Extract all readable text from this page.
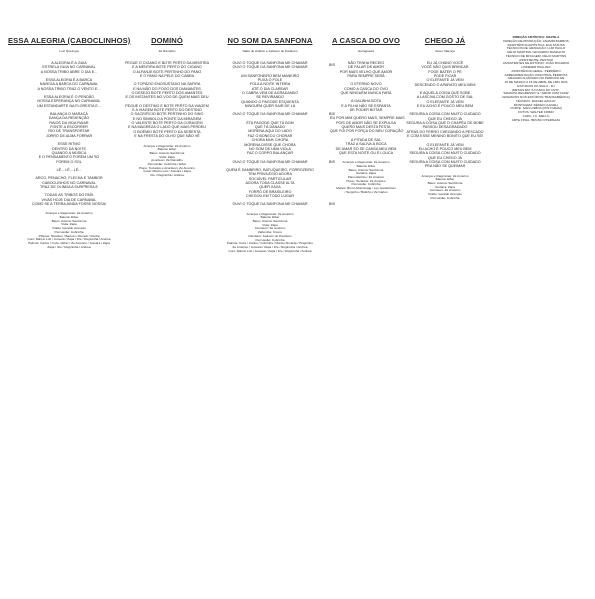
ESSA ALEGRIA (CABOCLINHOS)
Luiz Queiroga
A ALEGRIA É A GUIA
ESTRELA GUIA NO CARNAVAL
A NOSSA TRIBO ABRE O DIA E...
ESSA ALEGRIA É A BARCA
NAVEGA A BARCA DO CARNAVAL
A NOSSA TRIBO TRAZ O VENTO E...
ESSA ALEGRIA É O PENDÃO
NOSSA ESPERANÇA NO CARNAVAL
UM ESTANDARTE NA FLORESTA E...
BALANÇA O MARACÁ
DANÇA DA REDENÇÃO
RAIOS DA VIDA RAIAR
FONTE A ESCORRER
RIO DE TRANSPORTAR
JORRO DE ALMA FORRAR
ESSE RITMO
DENTRO DA NOITE
QUANDO A MÚSICA
E O PENSAMENTO FOREM UM SÓ
FOREM O SOL
LÊ... LÊ... LÊ...
ARCO, PENACHO, FLECHA E TAMBOR
CABOCLINHOS NO CARNAVAL
TRAZ DE OLINDA A SURPRESA E
TODAS AS TRIBOS DO PAÍS
VIVAS HOJE DIA DE CARNAVAL
COMO SE A TERRA AINDA FOSSE NOSSA!
Arranjos e Regências: Zé Américo
Bateria: Elber
Baixo: Antonio Sant'Anna
Viola: Zapa
Violão: Geraldo Azevedo
Percussão: Cobrinha
Pífanos: Hamilton / Barreto / Rozedi / Rocha
Coro: Márcio Lott / Jussara / Zapa / Ilze / Regininha / Andrea
Palmas: Carlos / Cuzé / Elber / Zé Américo / Jussara / Zapa
Zapa / Ilze / Regininha / Andrea
DOMINÓ
Zé Ramalho
PEGUE O CIGANO E BOTE PERTO DA MENTIRA
E A MENTIRA BOTE PERTO DO CIGANO
O ALFANJE BOTE PERTINHO DO PANO
E O PANO NA PELE DO CABRA
O TOPÁZIO ENCRUSTADO NA SAFIRA
E NA MÃO DO FOGO DOS DIAMANTES
O DESEJO BOTE PERTO DOS AMANTES
E OS INSTANTES NO VOO DE QUEM MAIS DEU
PEGUE O DESTINO E BOTE PERTO DA VIAGEM
E A VIAGEM BOTE PERTO DO DESTINO
O SACRIFÍCIO BOTE PERTINHO DO SINO
E NO SÍMBOLO A PONTE DA MIRAGEM
O VALENTE BOTE PERTO DA CORAGEM
E NA MAGREZA O LADO QUE MAIS PERDEU
O BOÊMIO BOTE PERTO DA SERESTA
E NA FRESTA DO OLHO QUE NÃO VÊ
Arranjos e Regências: Zé Américo
Bateria: Elber
Baixo: Antonio Sant'Anna
Viola: Zapa
Acordeon: Zé Ramalho
Percussão: Cobrinha / Elber
Piano, Teclados e Acordeon: Zé Américo
Vocal: Márcio Lott / Jussara / Zapa
Ilze / Regininha / Andrea
NO SOM DA SANFONA
Nabé do Acáfico e Jackson do Pandeiro
OUVI O TOQUE DA SANFONA ME CHAMAR
OUVI O TOQUE DA SANFONA ME CHAMAR
BIS
UM SANFONEIRO BEM MANEIRO
PUXA O FOLE
FOLA A NOITE INTEIRA
ATÉ O DIA CLAREAR
O CABRA VEM DE AGRADANDO
SE REVIRANDO
QUANDO O PAGODE ESQUENTA
NINGUÉM QUER SAIR DE LÁ
OUVI O TOQUE DA SANFONA ME CHAMAR	BIS
ÉTA PAGODE QUE TÁ BOM
QUE TÁ DANADO
MORENA AQUI DO LADO
FAZ O BONECO CHORAR
CHORA MUK CHORA
MORENA DISSE QUE CHORA
NO SOM DE UMA VIOLA
FAZ O CORPO BALANÇAR
OUVI O TOQUE DA SANFONA ME CHAMAR	BIS
QUEM É SAMBEIRO, BATUQUEIRO, FORROZEIRO
TEM PRIVILÉGIO AGORA
SOCIÁVEL PARTICULAR
AGORA TODA CLASSE ALTA
QUER XAXA
FORRÓ DE BRASILEIRO
CHEGOU EM TODO LUGAR
OUVI O TOQUE DA SANFONA ME CHAMAR	BIS
Arranjos e Regências: Zé Américo
Bateria: Elber
Baixo: Antonio Sant'Anna
Viola: Zapa
Acordeon: Zé Américo
Zabumba: Cícero
Pandeiro: Jackson do Pandeiro
Percussão: Cobrinha
Palmas: Cuzé / Carlos / Cobrinha / Márcio Almeida / Pinguinho
Zé Américo / Jussara / Zapa / Ilze / Regininha / Andrea
Coro: Márcio Lott / Jussara / Zapa / Ilze / Regininha / Andrea
A CASCA DO OVO
Guriagueira
NÃO TENHA RECEIO
DE FALAR DE AMOR
POR MAIS VELHO QUE AMOR
PARA SEMPRE SERÁ
O ETERNO NOVO
COMO A CASCA DO OVO
QUE NINGUÉM NUNCA FARÁ
A GALINHA BOTA
E A FILHA NÃO SE ESPANTA
DE PODER BOTAR
EU POR MIM QUERO MAIS, SEMPRE MAIS
POIS DE AMOR NÃO SE EXPULSA
QUERO MAIS DESTA FESTA
QUE FOI POR FORÇA DO MEU CORAÇÃO
A PITADA DE SAL
TRAZ A SALIVA À BOCA
DE AMAR SÓ SE CANSA MEU BEM
QUE ESTA NOITE OU É LOUCA
Arranjos e Regências: Zé Américo
Bateria: Elber
Baixo: Antonio Sant'Anna
Guitarra: Zapa
Piano Elétrico: Zé Américo
Piano, Teclados: Zé Américo
Percussão: Cobrinha
Metais: Bruno Moriscoaja / Leo Gandelman
/ Serginho / Bidinho / Zé Carlos
CHEGO JÁ
Alceu Valença
EU JÁ CHANO VOCÊ
VOCÊ NÃO QUIS BRINCAR
FOGE BATER O PÉ
PODE FICAR
O ELEFANTE JÁ VEM
DESCENDO O APARATO MEU BEM
E AQUELA COISA QUE SOBE
A LASCIVA COM GOSTO DE SAL
O ELEFANTE JÁ VEM
E EU ACHO É POUCO MEU BEM
SEGURA A COISA COM MUITO CUIDADO
QUE EU CHEGO JÁ
SEGURA A COISA QUE O CHAPÉU DE BOBE
PASSOU DESAGRADADO
ATRÁS DO FERRO CHEGANDO A PESCADO
E COM ESSE MENINO BONITO QUE EU SEI
O ELEFANTE JÁ VEM
EU ACHO É POUCO MEU BEM
SEGURA A COISA COM MUITO CUIDADO
QUE EU CHEGO JÁ
SEGURA A COISA COM MUITO CUIDADO
PRA NÃO SE QUEIMAR
Arranjos e Regências: Zé Américo
Bateria: Elber
Baixo: Antonio Sant'Anna
Guitarra: Zapa
Acordeon: Zé Américo
Violão: Geraldo Azevedo
Percussão: Cobrinha
DIREÇÃO ARTÍSTICA: MAZOLA
DIREÇÃO DE PRODUÇÃO: ANAMIR BARROS
ASSISTÊNCIA ARTÍSTICA: EVA STAUSS
TÉCNICOS DE GRAVAÇÃO: LUIZ PAULO
CÉLIO MARTINS / EDUARDO RAMALHO
TÉCNICO DE MIXAGEM: CÉLIO MARTINS
ASSISTENTE: PESTOR
ASSISTENTES DE ESTÚDIO: JOÃO RICARDO
LINDEMIR PAULINO
ASSISTÊNCIA GERAL: PERPÉRIO
ARREGIMENTAÇÃO: PASCHOAL PERROTA
GRAVADO E MIXADO NO PERÍODO DE
15 DE MARÇO A 15 DE ABRIL DE 1981 NOS
ESTÚDIOS DA SIGLA - RJ
(METAIS EM "A CASCA DO OVO",
"MARCHA REGRESSO" E "AMOR COM CAFÉ"
GRAVADOS NOS ESTÚDIOS TRANSAMÉRICA)
TÉCNICO: RAFAEL AZULAY
MONTAGEM: SÉRGIO (LEVEL)
CORTE: IVAN LISBOA (POLYGRAM)
FOTOS: WALTER FIRMO
CAPA: J.C. MELLO
ARTE FINAL: BRUNO OTERNAZA
